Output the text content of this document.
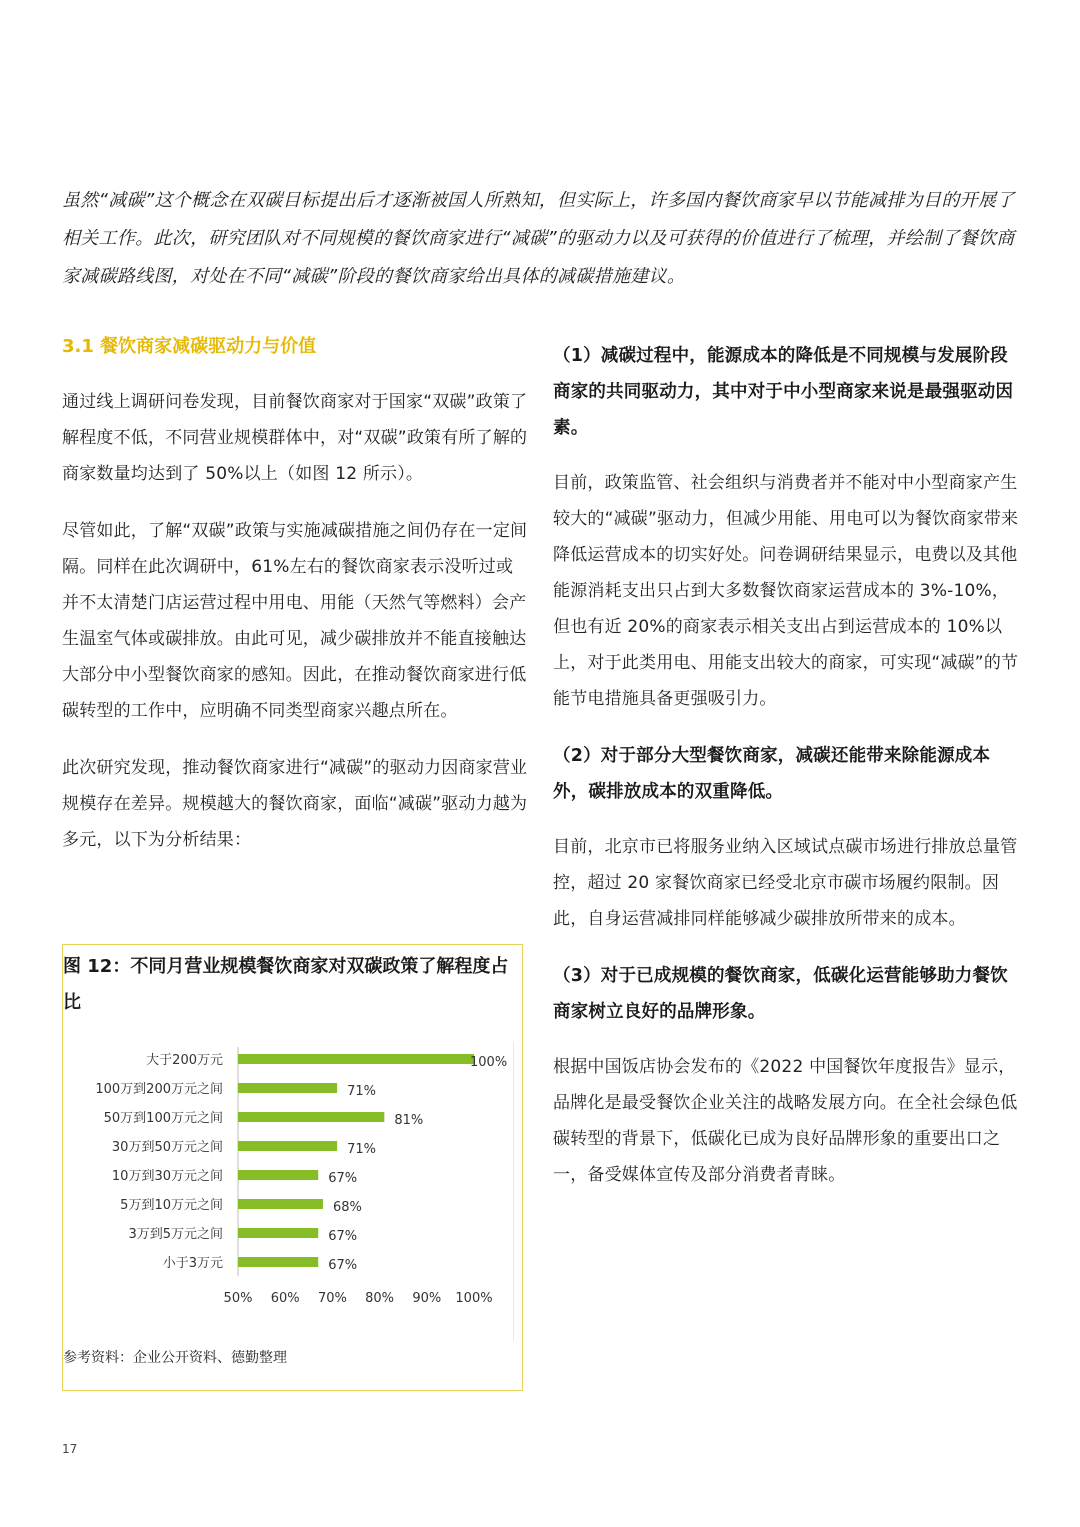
虽然“减碳”这个概念在双碳目标提出后才逐渐被国人所熟知，但实际上，许多国内餐饮商家早以节能减排为目的开展了相关工作。此次，研究团队对不同规模的餐饮商家进行“减碳”的驱动力以及可获得的价值进行了梳理，并绘制了餐饮商家减碳路线图，对处在不同“减碳”阶段的餐饮商家给出具体的减碳措施建议。

3.1 餐饮商家减碳驱动力与价值

通过线上调研问卷发现，目前餐饮商家对于国家“双碳”政策了解程度不低，不同营业规模群体中，对“双碳”政策有所了解的商家数量均达到了 50%以上（如图 12 所示）。

尽管如此，了解“双碳”政策与实施减碳措施之间仍存在一定间隔。同样在此次调研中，61%左右的餐饮商家表示没听过或并不太清楚门店运营过程中用电、用能（天然气等燃料）会产生温室气体或碳排放。由此可见，减少碳排放并不能直接触达大部分中小型餐饮商家的感知。因此，在推动餐饮商家进行低碳转型的工作中，应明确不同类型商家兴趣点所在。

此次研究发现，推动餐饮商家进行“减碳”的驱动力因商家营业规模存在差异。规模越大的餐饮商家，面临“减碳”驱动力越为多元，以下为分析结果：

图 12：不同月营业规模餐饮商家对双碳政策了解程度占比

大于200万元	100%
100万到200万元之间	71%
50万到100万元之间	81%
30万到50万元之间	71%
10万到30万元之间	67%
5万到10万元之间	68%
3万到5万元之间	67%
小于3万元	67%
50% 60% 70% 80% 90% 100%

参考资料：企业公开资料、德勤整理

（1）减碳过程中，能源成本的降低是不同规模与发展阶段商家的共同驱动力，其中对于中小型商家来说是最强驱动因素。

目前，政策监管、社会组织与消费者并不能对中小型商家产生较大的“减碳”驱动力，但减少用能、用电可以为餐饮商家带来降低运营成本的切实好处。问卷调研结果显示，电费以及其他能源消耗支出只占到大多数餐饮商家运营成本的 3%-10%，但也有近 20%的商家表示相关支出占到运营成本的 10%以上，对于此类用电、用能支出较大的商家，可实现“减碳”的节能节电措施具备更强吸引力。

（2）对于部分大型餐饮商家，减碳还能带来除能源成本外，碳排放成本的双重降低。

目前，北京市已将服务业纳入区域试点碳市场进行排放总量管控，超过 20 家餐饮商家已经受北京市碳市场履约限制。因此，自身运营减排同样能够减少碳排放所带来的成本。

（3）对于已成规模的餐饮商家，低碳化运营能够助力餐饮商家树立良好的品牌形象。

根据中国饭店协会发布的《2022 中国餐饮年度报告》显示，品牌化是最受餐饮企业关注的战略发展方向。在全社会绿色低碳转型的背景下，低碳化已成为良好品牌形象的重要出口之一，备受媒体宣传及部分消费者青睐。

17
